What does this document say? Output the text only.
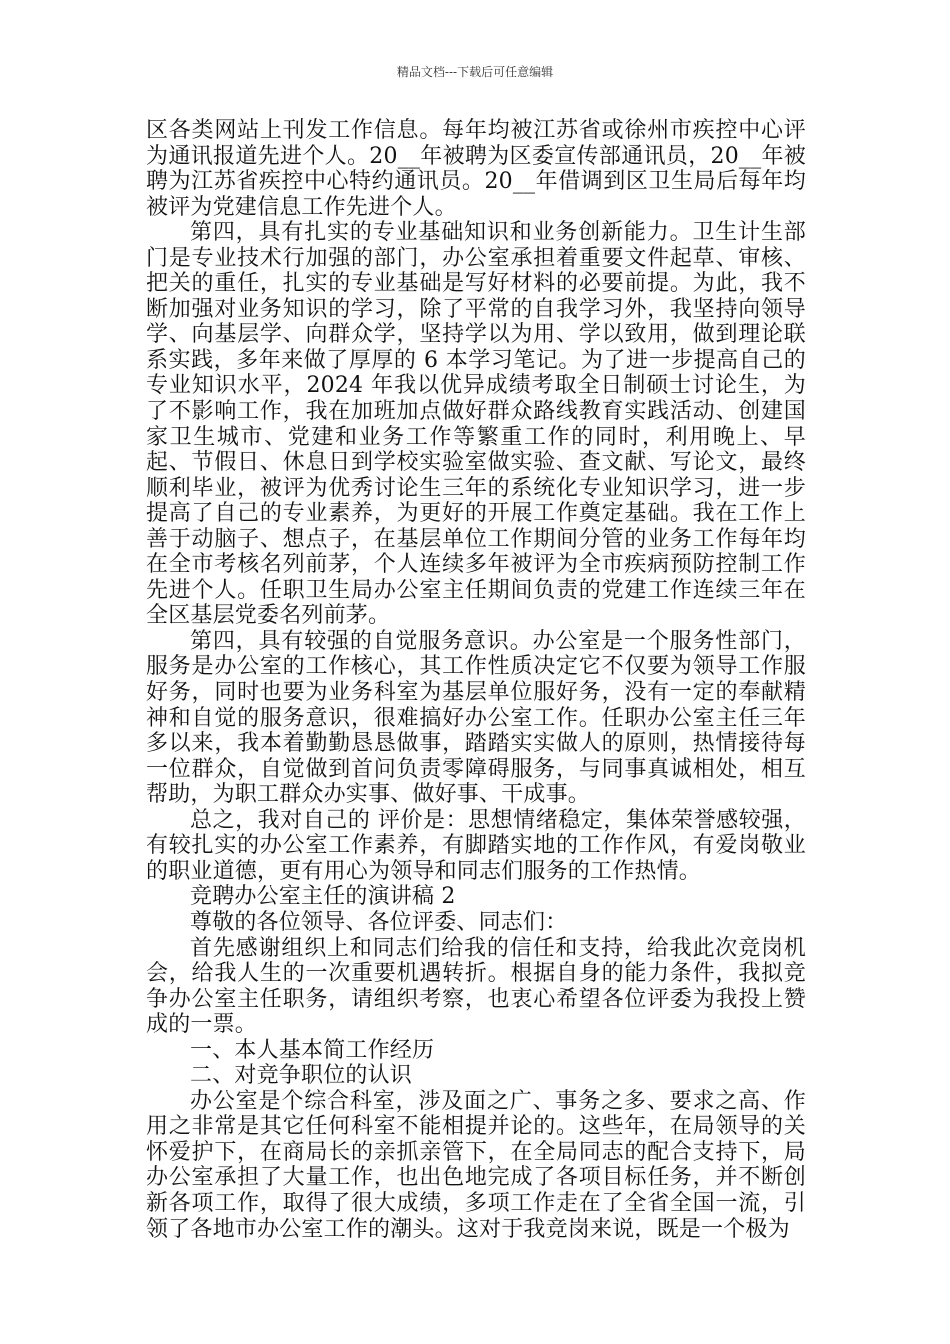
精品文档---下载后可任意编辑

区各类网站上刊发工作信息。每年均被江苏省或徐州市疾控中心评为通讯报道先进个人。20__年被聘为区委宣传部通讯员，20__年被聘为江苏省疾控中心特约通讯员。20__年借调到区卫生局后每年均被评为党建信息工作先进个人。

第四，具有扎实的专业基础知识和业务创新能力。卫生计生部门是专业技术行加强的部门，办公室承担着重要文件起草、审核、把关的重任，扎实的专业基础是写好材料的必要前提。为此，我不断加强对业务知识的学习，除了平常的自我学习外，我坚持向领导学、向基层学、向群众学，坚持学以为用、学以致用，做到理论联系实践，多年来做了厚厚的 6 本学习笔记。为了进一步提高自己的专业知识水平，2024 年我以优异成绩考取全日制硕士讨论生，为了不影响工作，我在加班加点做好群众路线教育实践活动、创建国家卫生城市、党建和业务工作等繁重工作的同时，利用晚上、早起、节假日、休息日到学校实验室做实验、查文献、写论文，最终顺利毕业，被评为优秀讨论生三年的系统化专业知识学习，进一步提高了自己的专业素养，为更好的开展工作奠定基础。我在工作上善于动脑子、想点子，在基层单位工作期间分管的业务工作每年均在全市考核名列前茅，个人连续多年被评为全市疾病预防控制工作先进个人。任职卫生局办公室主任期间负责的党建工作连续三年在全区基层党委名列前茅。

第四，具有较强的自觉服务意识。办公室是一个服务性部门，服务是办公室的工作核心，其工作性质决定它不仅要为领导工作服好务，同时也要为业务科室为基层单位服好务，没有一定的奉献精神和自觉的服务意识，很难搞好办公室工作。任职办公室主任三年多以来，我本着勤勤恳恳做事，踏踏实实做人的原则，热情接待每一位群众，自觉做到首问负责零障碍服务，与同事真诚相处，相互帮助，为职工群众办实事、做好事、干成事。

总之，我对自己的 评价是：思想情绪稳定，集体荣誉感较强，有较扎实的办公室工作素养，有脚踏实地的工作作风，有爱岗敬业的职业道德，更有用心为领导和同志们服务的工作热情。

竞聘办公室主任的演讲稿 2

尊敬的各位领导、各位评委、同志们：

首先感谢组织上和同志们给我的信任和支持，给我此次竞岗机会，给我人生的一次重要机遇转折。根据自身的能力条件，我拟竞争办公室主任职务，请组织考察，也衷心希望各位评委为我投上赞成的一票。

一、本人基本简工作经历

二、对竞争职位的认识

办公室是个综合科室，涉及面之广、事务之多、要求之高、作用之非常是其它任何科室不能相提并论的。这些年，在局领导的关怀爱护下，在商局长的亲抓亲管下，在全局同志的配合支持下，局办公室承担了大量工作，也出色地完成了各项目标任务，并不断创新各项工作，取得了很大成绩，多项工作走在了全省全国一流，引领了各地市办公室工作的潮头。这对于我竞岗来说，既是一个极为
